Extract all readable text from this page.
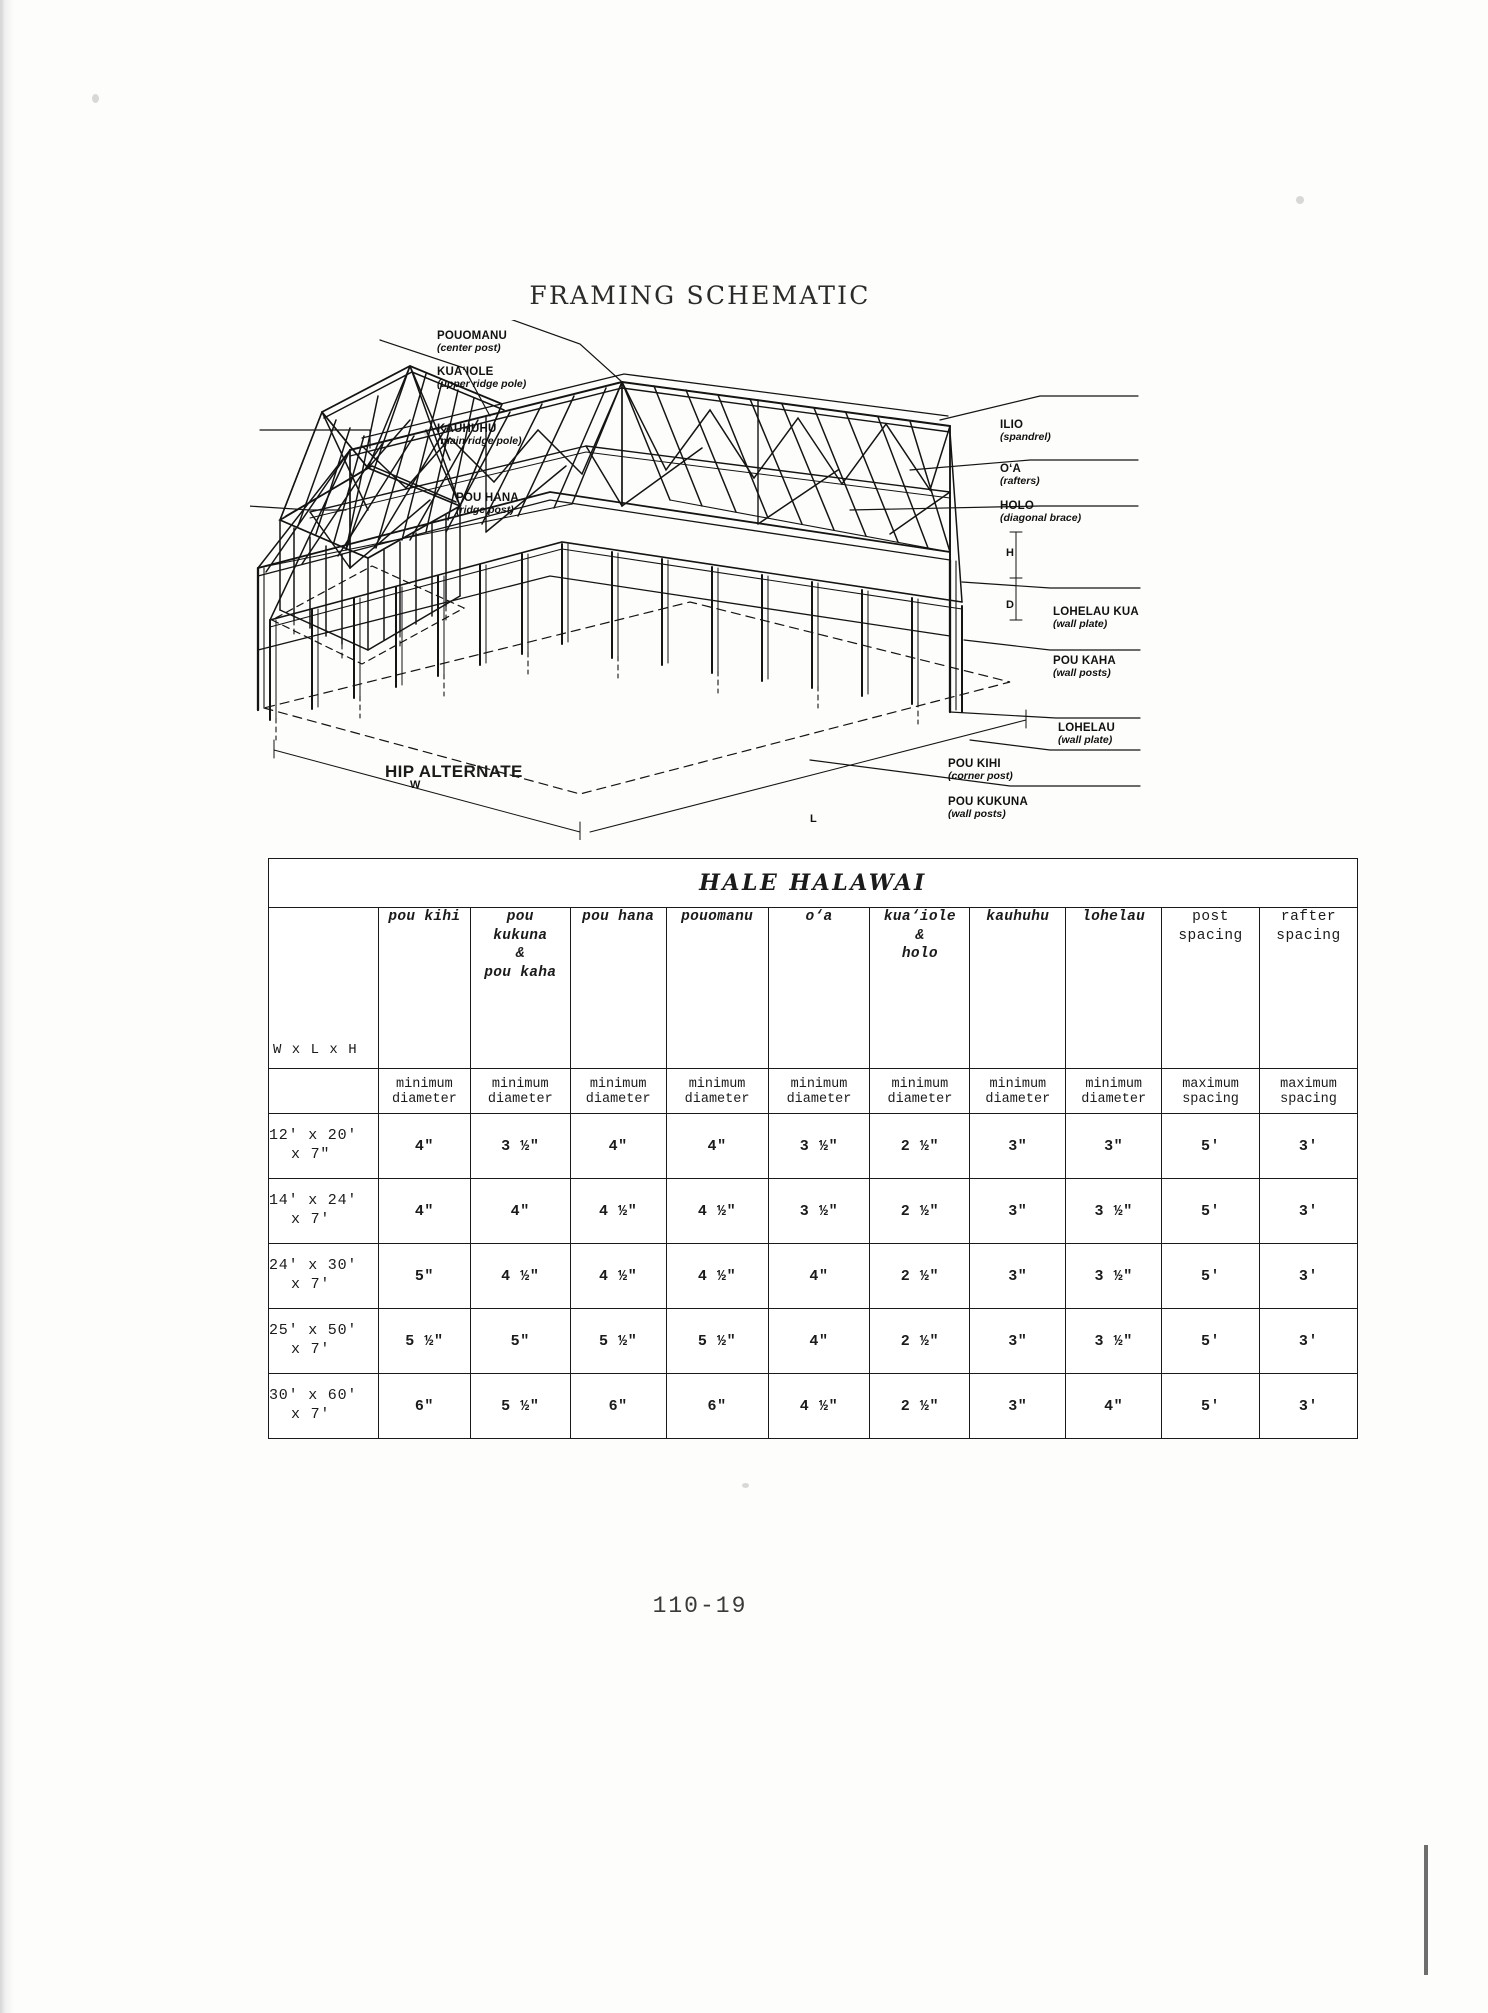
FRAMING SCHEMATIC
H
D
L
W
POUOMANU
(center post)
KUA‘IOLE
(upper ridge pole)
KAUHUHU
(main ridge pole)
POU HANA
(ridge post)
ILIO
(spandrel)
O‘A
(rafters)
HOLO
(diagonal brace)
LOHELAU KUA
(wall plate)
POU KAHA
(wall posts)
LOHELAU
(wall plate)
POU KIHI
(corner post)
POU KUKUNA
(wall posts)
HIP ALTERNATE
HALE HALAWAI										

W x L x H	pou kihi	pou
kukuna
&
pou kaha	pou hana	pouomanu	o‘a	kua‘iole
&
holo	kauhuhu	lohelau	post
spacing	rafter
spacing

	minimum
diameter	minimum
diameter	minimum
diameter	minimum
diameter	minimum
diameter	minimum
diameter	minimum
diameter	minimum
diameter	maximum
spacing	maximum
spacing

12' x 20'
x 7"	4"	3 ½"	4"	4"	3 ½"	2 ½"	3"	3"	5'	3'
14' x 24'
x 7'	4"	4"	4 ½"	4 ½"	3 ½"	2 ½"	3"	3 ½"	5'	3'
24' x 30'
x 7'	5"	4 ½"	4 ½"	4 ½"	4"	2 ½"	3"	3 ½"	5'	3'
25' x 50'
x 7'	5 ½"	5"	5 ½"	5 ½"	4"	2 ½"	3"	3 ½"	5'	3'
30' x 60'
x 7'	6"	5 ½"	6"	6"	4 ½"	2 ½"	3"	4"	5'	3'
110-19
